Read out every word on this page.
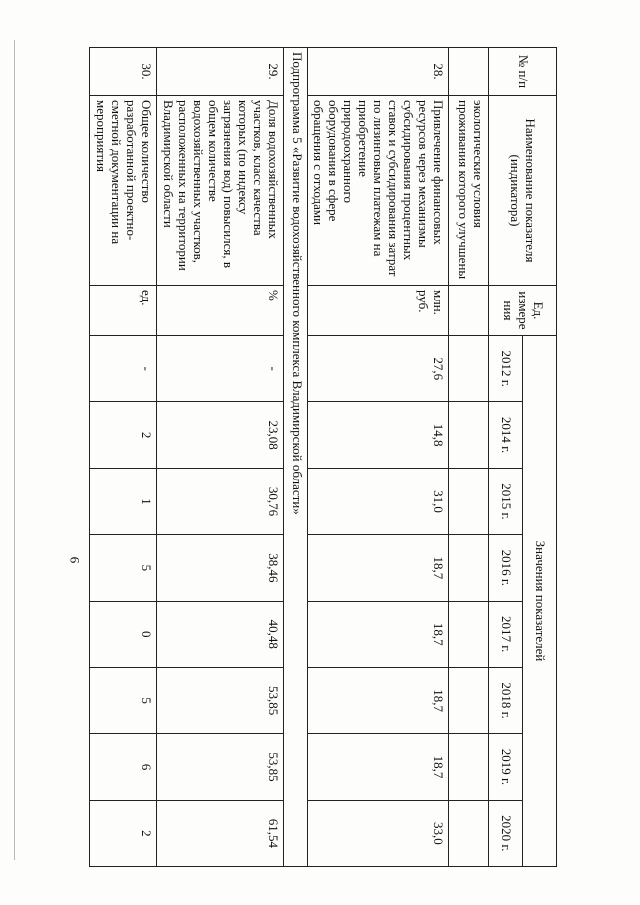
9
№ п/п	Наименование показателя (индикатора)	Ед. измере ния	Значения показателей							
			2012 г.	2014 г.	2015 г.	2016 г.	2017 г.	2018 г.	2019 г.	2020 г.
	экологические условия проживания которого улучшены									
28.	Привлечение финансовых ресурсов через механизмы субсидирования процентных ставок и субсидирования затрат по лизинговым платежам на приобретение природоохранного оборудования в сфере обращения с отходами	млн. руб.	27,6	14,8	31,0	18,7	18,7	18,7	18,7	33,0
Подпрограмма 5 «Развитие водохозяйственного комплекса Владимирской области»										
29.	Доля водохозяйственных участков, класс качества которых (по индексу загрязнения вод) повысился, в общем количестве водохозяйственных участков, расположенных на территории Владимирской области	%	-	23,08	30,76	38,46	40,48	53,85	53,85	61,54
30.	Общее количество разработанной проектно-сметной документации на мероприятия	ед.	-	2	1	5	0	5	6	2
